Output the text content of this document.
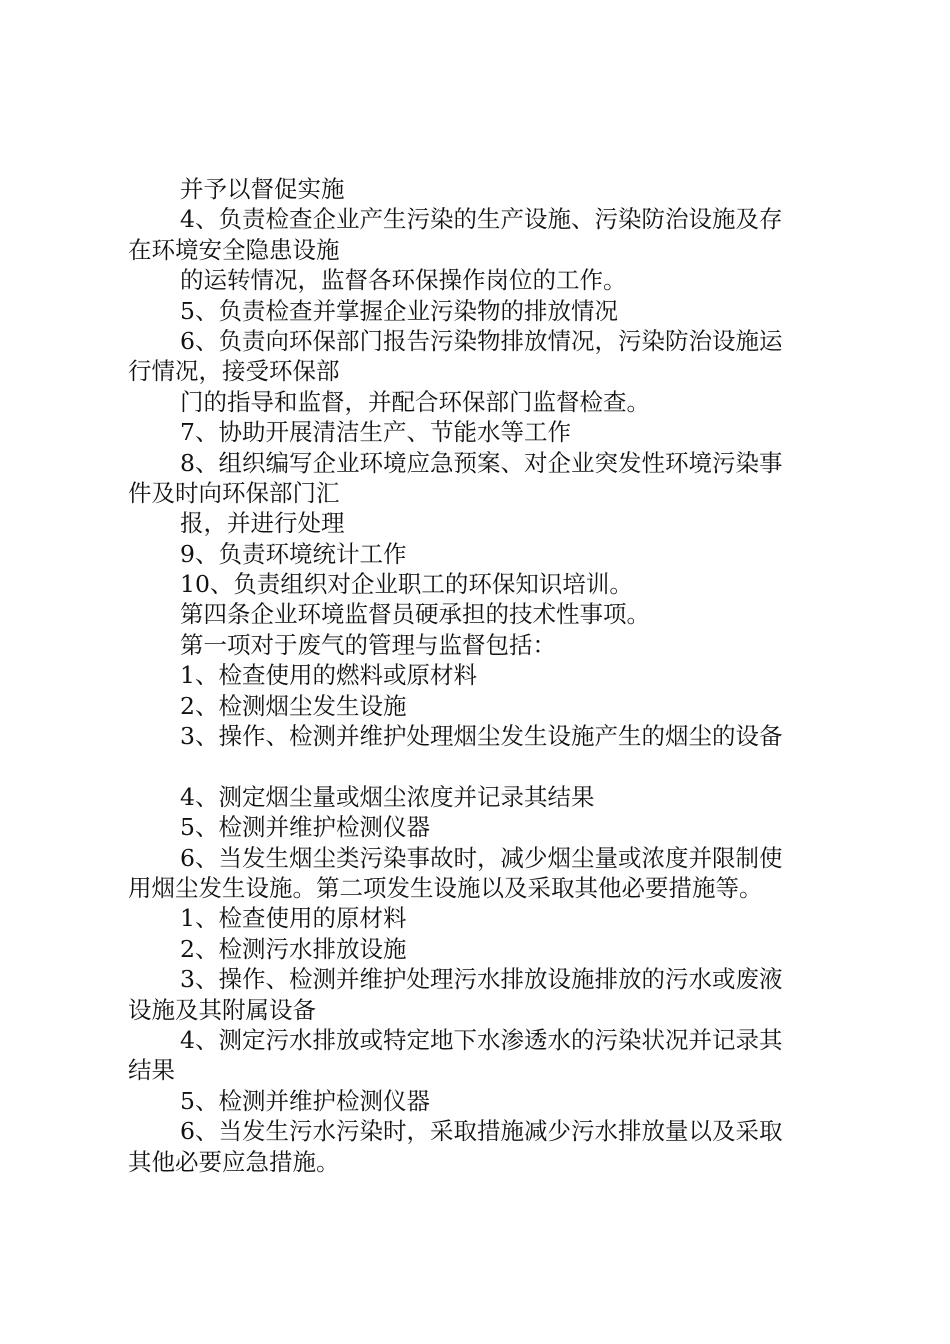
并予以督促实施
4、负责检查企业产生污染的生产设施、污染防治设施及存
在环境安全隐患设施
的运转情况，监督各环保操作岗位的工作。
5、负责检查并掌握企业污染物的排放情况
6、负责向环保部门报告污染物排放情况，污染防治设施运
行情况，接受环保部
门的指导和监督，并配合环保部门监督检查。
7、协助开展清洁生产、节能水等工作
8、组织编写企业环境应急预案、对企业突发性环境污染事
件及时向环保部门汇
报，并进行处理
9、负责环境统计工作
10、负责组织对企业职工的环保知识培训。
第四条企业环境监督员硬承担的技术性事项。
第一项对于废气的管理与监督包括：
1、检查使用的燃料或原材料
2、检测烟尘发生设施
3、操作、检测并维护处理烟尘发生设施产生的烟尘的设备
4、测定烟尘量或烟尘浓度并记录其结果
5、检测并维护检测仪器
6、当发生烟尘类污染事故时，减少烟尘量或浓度并限制使
用烟尘发生设施。第二项发生设施以及采取其他必要措施等。
1、检查使用的原材料
2、检测污水排放设施
3、操作、检测并维护处理污水排放设施排放的污水或废液
设施及其附属设备
4、测定污水排放或特定地下水渗透水的污染状况并记录其
结果
5、检测并维护检测仪器
6、当发生污水污染时，采取措施减少污水排放量以及采取
其他必要应急措施。
